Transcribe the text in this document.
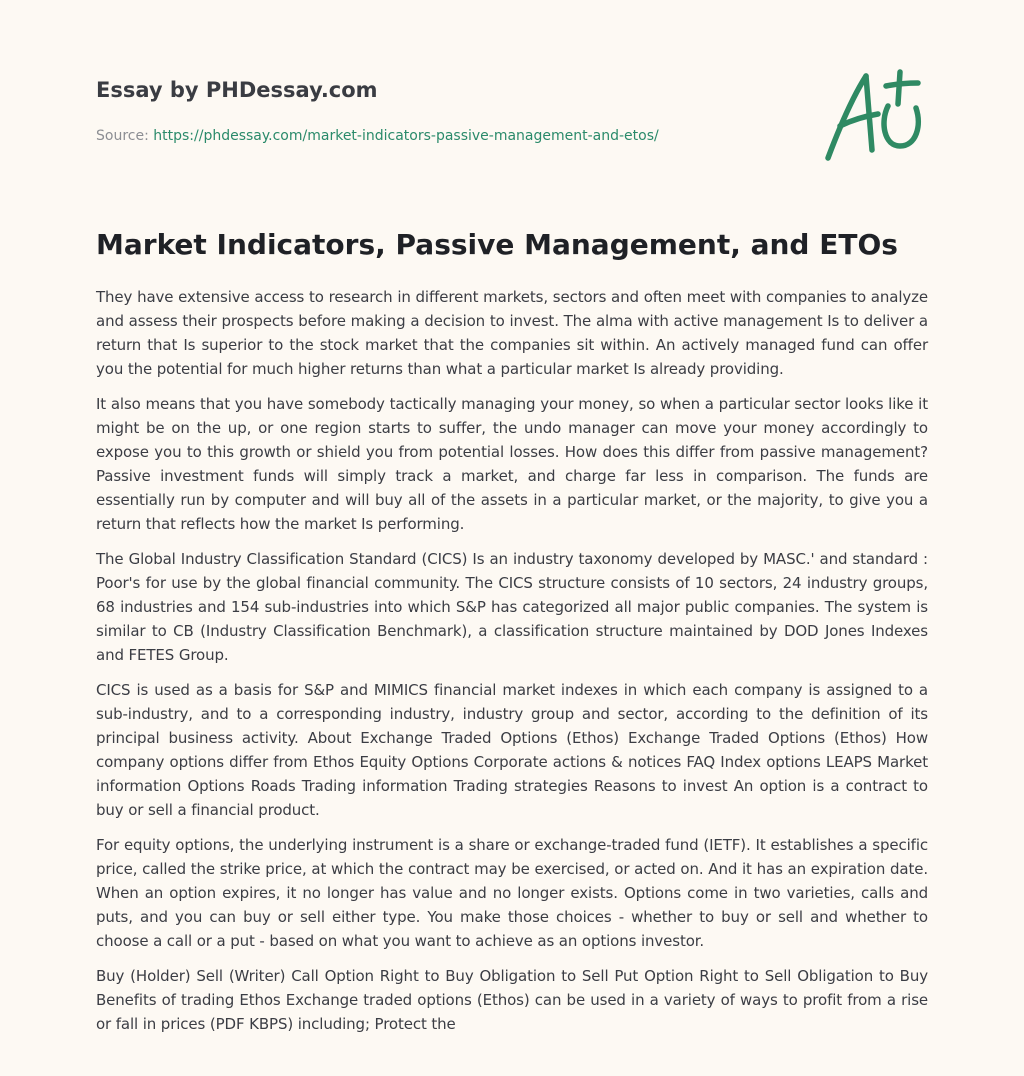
Essay by PHDessay.com
Source: https://phdessay.com/market-indicators-passive-management-and-etos/
Market Indicators, Passive Management, and ETOs

They have extensive access to research in different markets, sectors and often meet with companies to analyze and assess their prospects before making a decision to invest. The alma with active management Is to deliver a return that Is superior to the stock market that the companies sit within. An actively managed fund can offer you the potential for much higher returns than what a particular market Is already providing.

It also means that you have somebody tactically managing your money, so when a particular sector looks like it might be on the up, or one region starts to suffer, the undo manager can move your money accordingly to expose you to this growth or shield you from potential losses. How does this differ from passive management? Passive investment funds will simply track a market, and charge far less in comparison. The funds are essentially run by computer and will buy all of the assets in a particular market, or the majority, to give you a return that reflects how the market Is performing.

The Global Industry Classification Standard (CICS) Is an industry taxonomy developed by MASC.' and standard : Poor's for use by the global financial community. The CICS structure consists of 10 sectors, 24 industry groups, 68 industries and 154 sub-industries into which S&P has categorized all major public companies. The system is similar to CB (Industry Classification Benchmark), a classification structure maintained by DOD Jones Indexes and FETES Group.

CICS is used as a basis for S&P and MIMICS financial market indexes in which each company is assigned to a sub-industry, and to a corresponding industry, industry group and sector, according to the definition of its principal business activity. About Exchange Traded Options (Ethos) Exchange Traded Options (Ethos) How company options differ from Ethos Equity Options Corporate actions & notices FAQ Index options LEAPS Market information Options Roads Trading information Trading strategies Reasons to invest An option is a contract to buy or sell a financial product.

For equity options, the underlying instrument is a share or exchange-traded fund (IETF). It establishes a specific price, called the strike price, at which the contract may be exercised, or acted on. And it has an expiration date. When an option expires, it no longer has value and no longer exists. Options come in two varieties, calls and puts, and you can buy or sell either type. You make those choices - whether to buy or sell and whether to choose a call or a put - based on what you want to achieve as an options investor.

Buy (Holder) Sell (Writer) Call Option Right to Buy Obligation to Sell Put Option Right to Sell Obligation to Buy Benefits of trading Ethos Exchange traded options (Ethos) can be used in a variety of ways to profit from a rise or fall in prices (PDF KBPS) including; Protect the
